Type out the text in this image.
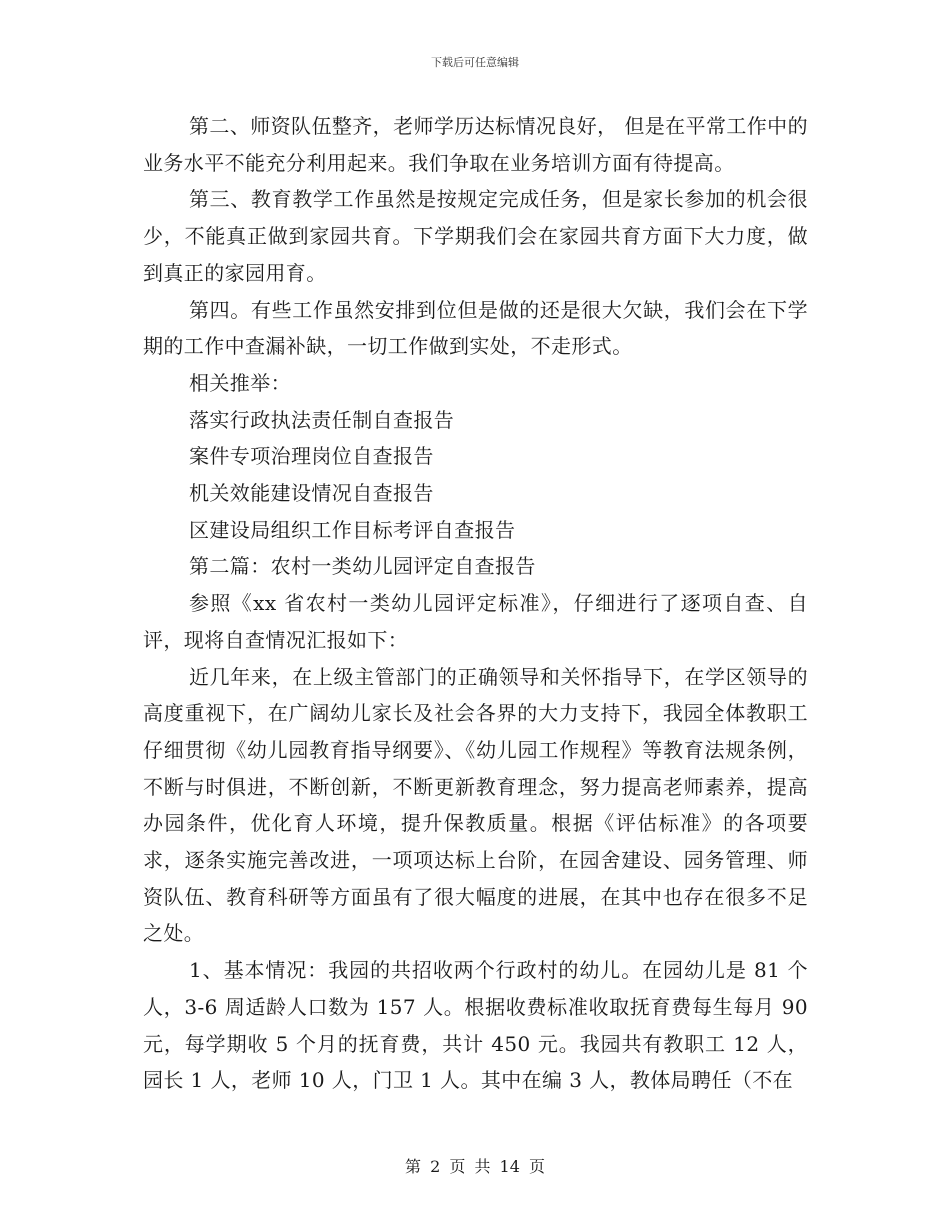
下载后可任意编辑

第二、师资队伍整齐，老师学历达标情况良好， 但是在平常工作中的业务水平不能充分利用起来。我们争取在业务培训方面有待提高。

第三、教育教学工作虽然是按规定完成任务，但是家长参加的机会很少，不能真正做到家园共育。下学期我们会在家园共育方面下大力度，做到真正的家园用育。

第四。有些工作虽然安排到位但是做的还是很大欠缺，我们会在下学期的工作中查漏补缺，一切工作做到实处，不走形式。

相关推举：

落实行政执法责任制自查报告

案件专项治理岗位自查报告

机关效能建设情况自查报告

区建设局组织工作目标考评自查报告

第二篇：农村一类幼儿园评定自查报告

参照《xx 省农村一类幼儿园评定标准》，仔细进行了逐项自查、自评，现将自查情况汇报如下：

近几年来，在上级主管部门的正确领导和关怀指导下，在学区领导的高度重视下，在广阔幼儿家长及社会各界的大力支持下，我园全体教职工仔细贯彻《幼儿园教育指导纲要》、《幼儿园工作规程》等教育法规条例，不断与时俱进，不断创新，不断更新教育理念，努力提高老师素养，提高办园条件，优化育人环境，提升保教质量。根据《评估标准》的各项要求，逐条实施完善改进，一项项达标上台阶，在园舍建设、园务管理、师资队伍、教育科研等方面虽有了很大幅度的进展，在其中也存在很多不足之处。

1、基本情况：我园的共招收两个行政村的幼儿。在园幼儿是 81 个人，3-6 周适龄人口数为 157 人。根据收费标准收取抚育费每生每月 90 元，每学期收 5 个月的抚育费，共计 450 元。我园共有教职工 12 人，园长 1 人，老师 10 人，门卫 1 人。其中在编 3 人，教体局聘任（不在

第 2 页 共 14 页
